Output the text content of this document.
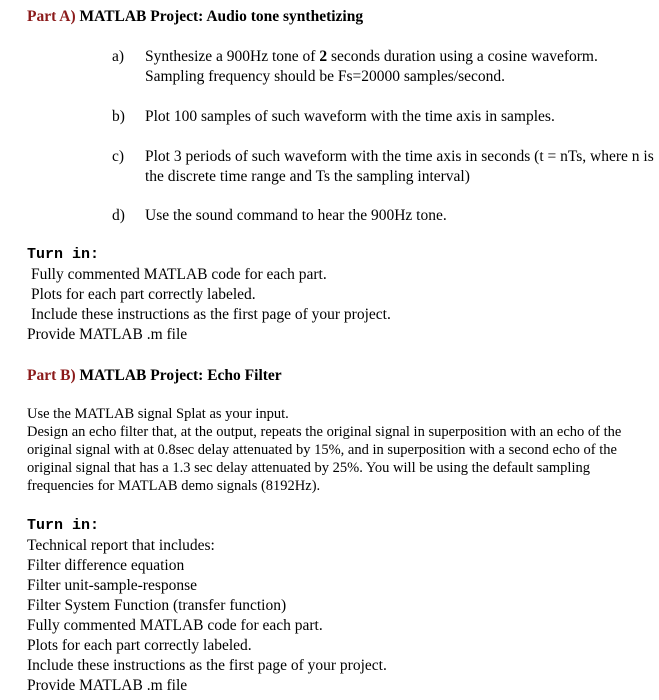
Part A) MATLAB Project: Audio tone synthetizing
a) Synthesize a 900Hz tone of 2 seconds duration using a cosine waveform. Sampling frequency should be Fs=20000 samples/second.
b) Plot 100 samples of such waveform with the time axis in samples.
c) Plot 3 periods of such waveform with the time axis in seconds (t = nTs, where n is the discrete time range and Ts the sampling interval)
d) Use the sound command to hear the 900Hz tone.
Turn in:
Fully commented MATLAB code for each part.
Plots for each part correctly labeled.
Include these instructions as the first page of your project.
Provide MATLAB .m file
Part B) MATLAB Project: Echo Filter
Use the MATLAB signal Splat as your input.
Design an echo filter that, at the output, repeats the original signal in superposition with an echo of the original signal with at 0.8sec delay attenuated by 15%, and in superposition with a second echo of the original signal that has a 1.3 sec delay attenuated by 25%. You will be using the default sampling frequencies for MATLAB demo signals (8192Hz).
Turn in:
Technical report that includes:
Filter difference equation
Filter unit-sample-response
Filter System Function (transfer function)
Fully commented MATLAB code for each part.
Plots for each part correctly labeled.
Include these instructions as the first page of your project.
Provide MATLAB .m file
